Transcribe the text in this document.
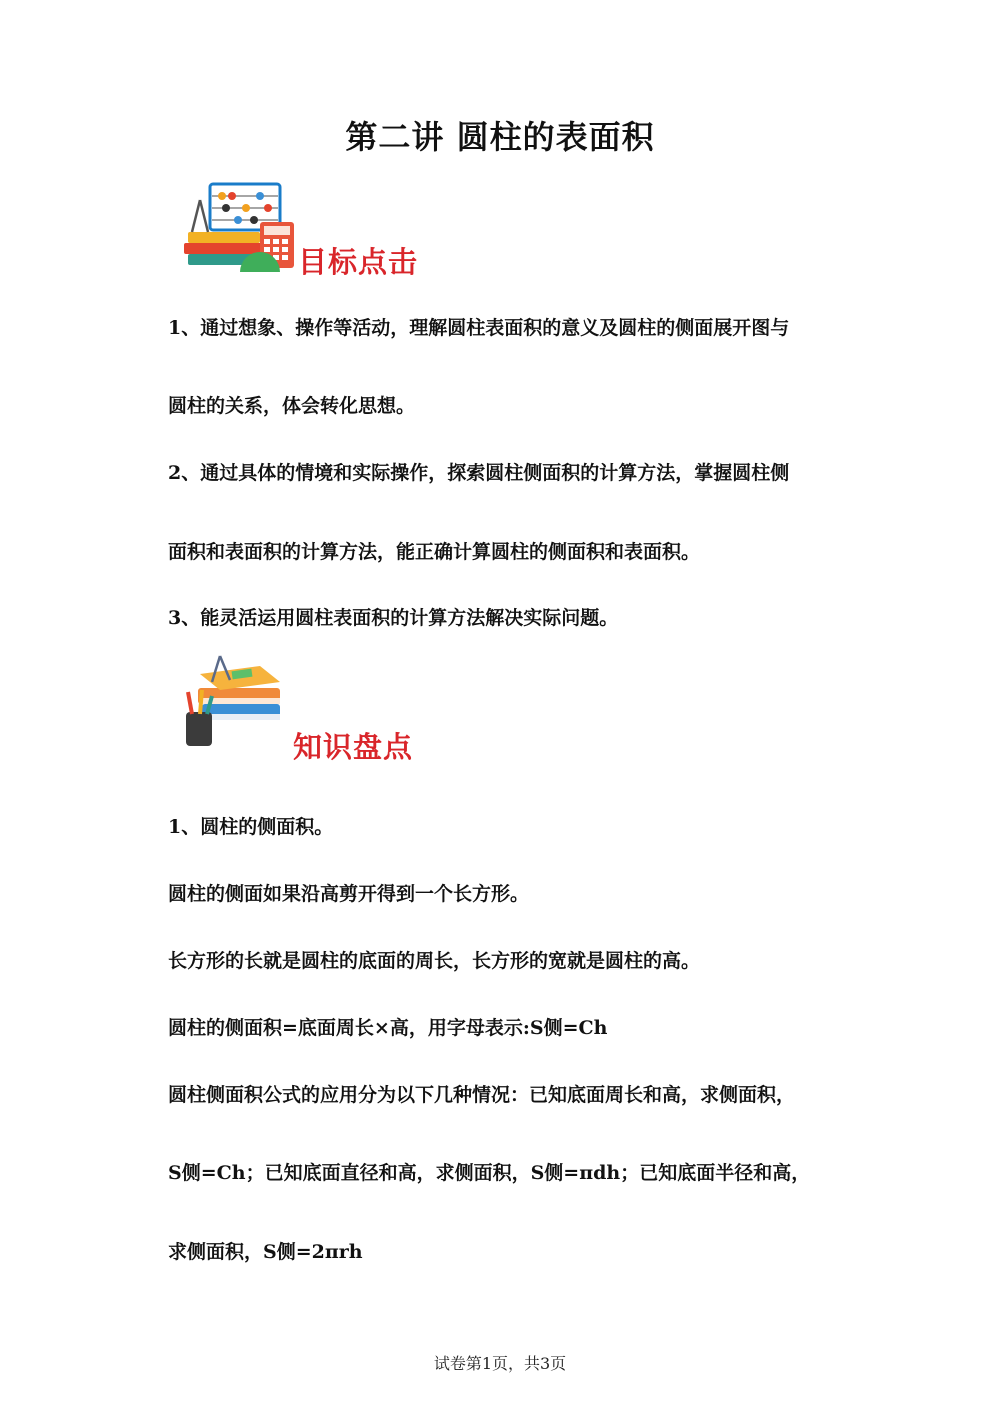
第二讲 圆柱的表面积
目标点击
1、通过想象、操作等活动，理解圆柱表面积的意义及圆柱的侧面展开图与
圆柱的关系，体会转化思想。
2、通过具体的情境和实际操作，探索圆柱侧面积的计算方法，掌握圆柱侧
面积和表面积的计算方法，能正确计算圆柱的侧面积和表面积。
3、能灵活运用圆柱表面积的计算方法解决实际问题。
知识盘点
1、圆柱的侧面积。
圆柱的侧面如果沿高剪开得到一个长方形。
长方形的长就是圆柱的底面的周长，长方形的宽就是圆柱的高。
圆柱的侧面积=底面周长×高，用字母表示:S侧=Ch
圆柱侧面积公式的应用分为以下几种情况：已知底面周长和高，求侧面积，
S侧=Ch；已知底面直径和高，求侧面积，S侧=πdh；已知底面半径和高，
求侧面积，S侧=2πrh
试卷第1页，共3页
